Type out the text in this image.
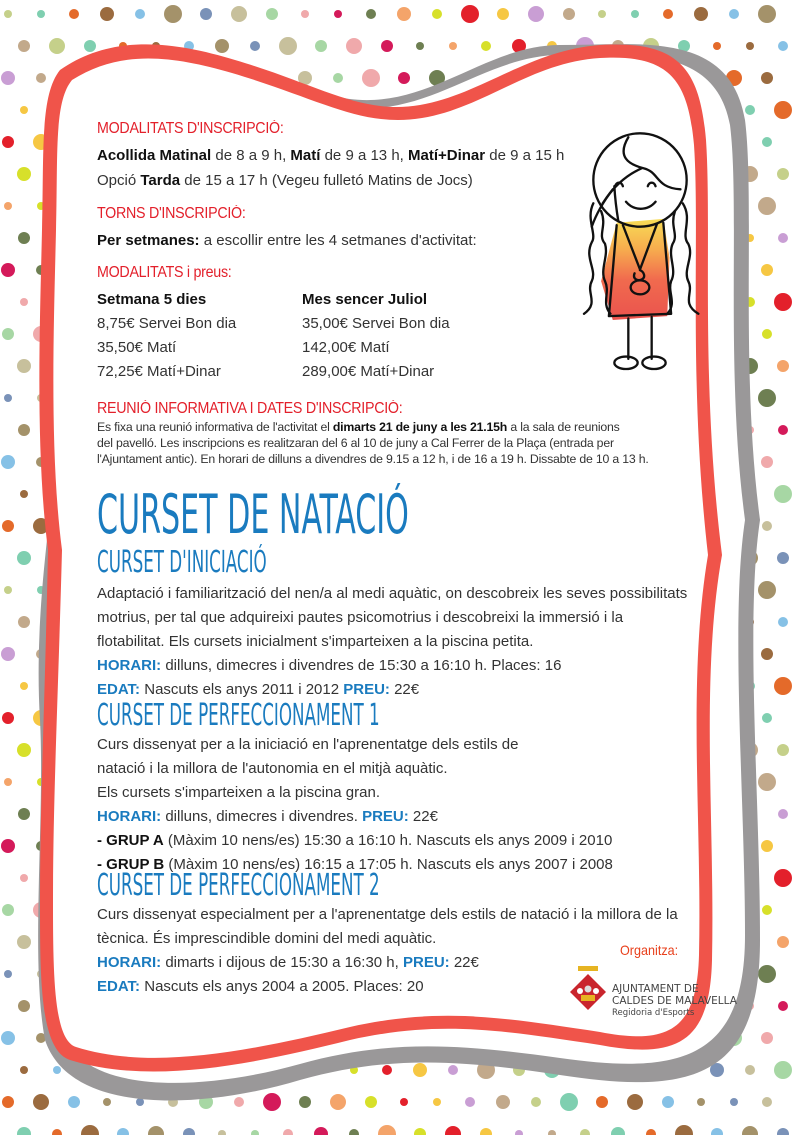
MODALITATS D'INSCRIPCIÓ:
Acollida Matinal de 8 a 9 h, Matí de 9 a 13 h, Matí+Dinar de 9 a 15 h
Opció Tarda de 15 a 17 h (Vegeu fulletó Matins de Jocs)
TORNS D'INSCRIPCIÓ:
Per setmanes: a escollir entre les 4 setmanes d'activitat:
MODALITATS i preus:
Setmana 5 dies
8,75€ Servei Bon dia
35,50€ Matí
72,25€ Matí+Dinar
Mes sencer Juliol
35,00€ Servei Bon dia
142,00€ Matí
289,00€ Matí+Dinar
REUNIÓ INFORMATIVA I DATES D'INSCRIPCIÓ:
Es fixa una reunió informativa de l'activitat el dimarts 21 de juny a les 21.15h a la sala de reunions
del pavelló. Les inscripcions es realitzaran del 6 al 10 de juny a Cal Ferrer de la Plaça (entrada per
l'Ajuntament antic). En horari de dilluns a divendres de 9.15 a 12 h, i de 16 a 19 h. Dissabte de 10 a 13 h.
CURSET DE NATACIÓ
CURSET D'INICIACIÓ
Adaptació i familiarització del nen/a al medi aquàtic, on descobreix les seves possibilitats
motrius, per tal que adquireixi pautes psicomotrius i descobreixi la immersió i la
flotabilitat. Els cursets inicialment s'imparteixen a la piscina petita.
HORARI: dilluns, dimecres i divendres de 15:30 a 16:10 h. Places: 16
EDAT: Nascuts els anys 2011 i 2012 PREU: 22€
CURSET DE PERFECCIONAMENT 1
Curs dissenyat per a la iniciació en l'aprenentatge dels estils de
natació i la millora de l'autonomia en el mitjà aquàtic.
Els cursets s'imparteixen a la piscina gran.
HORARI: dilluns, dimecres i divendres. PREU: 22€
- GRUP A (Màxim 10 nens/es) 15:30 a 16:10 h. Nascuts els anys 2009 i 2010
- GRUP B (Màxim 10 nens/es) 16:15 a 17:05 h. Nascuts els anys 2007 i 2008
CURSET DE PERFECCIONAMENT 2
Curs dissenyat especialment per a l'aprenentatge dels estils de natació i la millora de la
tècnica. És imprescindible domini del medi aquàtic.
HORARI: dimarts i dijous de 15:30 a 16:30 h, PREU: 22€
EDAT: Nascuts els anys 2004 a 2005. Places: 20
Organitza:
AJUNTAMENT DE
CALDES DE MALAVELLA
Regidoria d'Esports
